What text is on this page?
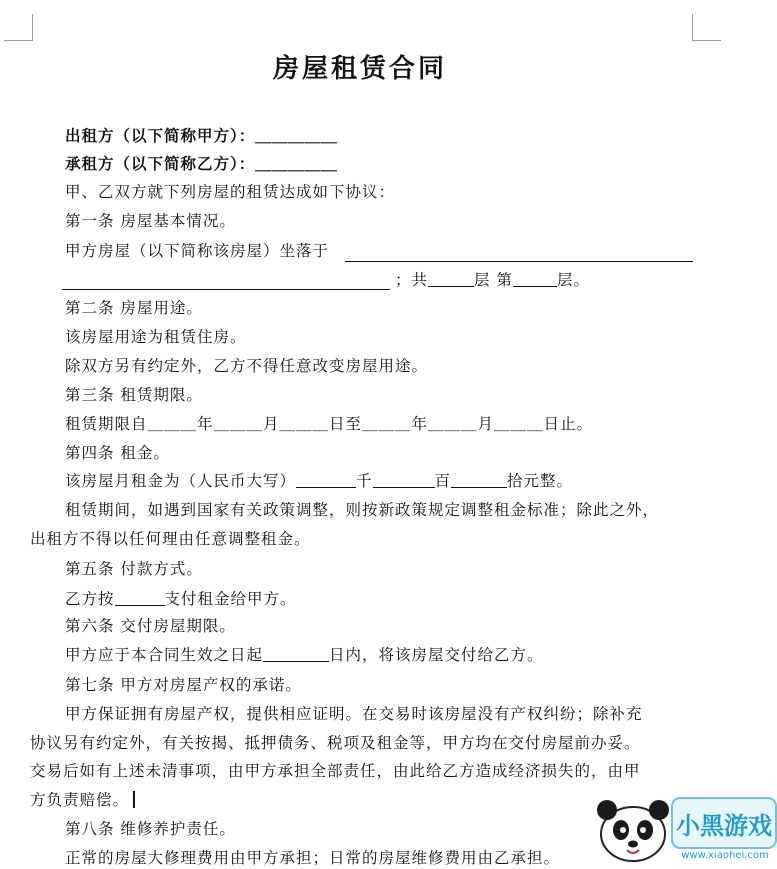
房屋租赁合同
出租方（以下简称甲方）：＿＿＿＿＿
承租方（以下简称乙方）：＿＿＿＿＿
甲、乙双方就下列房屋的租赁达成如下协议：
第一条 房屋基本情况。
甲方房屋（以下简称该房屋）坐落于
；共	层 第	层。
第二条 房屋用途。
该房屋用途为租赁住房。
除双方另有约定外，乙方不得任意改变房屋用途。
第三条 租赁期限。
租赁期限自＿＿＿年＿＿＿月＿＿＿日至＿＿＿年＿＿＿月＿＿＿日止。
第四条 租金。
该房屋月租金为（人民币大写）	千	百	拾元整。
租赁期间，如遇到国家有关政策调整，则按新政策规定调整租金标准；除此之外，
出租方不得以任何理由任意调整租金。
第五条 付款方式。
乙方按	支付租金给甲方。
第六条 交付房屋期限。
甲方应于本合同生效之日起	日内，将该房屋交付给乙方。
第七条 甲方对房屋产权的承诺。
甲方保证拥有房屋产权，提供相应证明。在交易时该房屋没有产权纠纷；除补充
协议另有约定外，有关按揭、抵押债务、税项及租金等，甲方均在交付房屋前办妥。
交易后如有上述未清事项，由甲方承担全部责任，由此给乙方造成经济损失的，由甲
方负责赔偿。
第八条 维修养护责任。
正常的房屋大修理费用由甲方承担；日常的房屋维修费用由乙承担。
小黑游戏
www.xiaohei.com
